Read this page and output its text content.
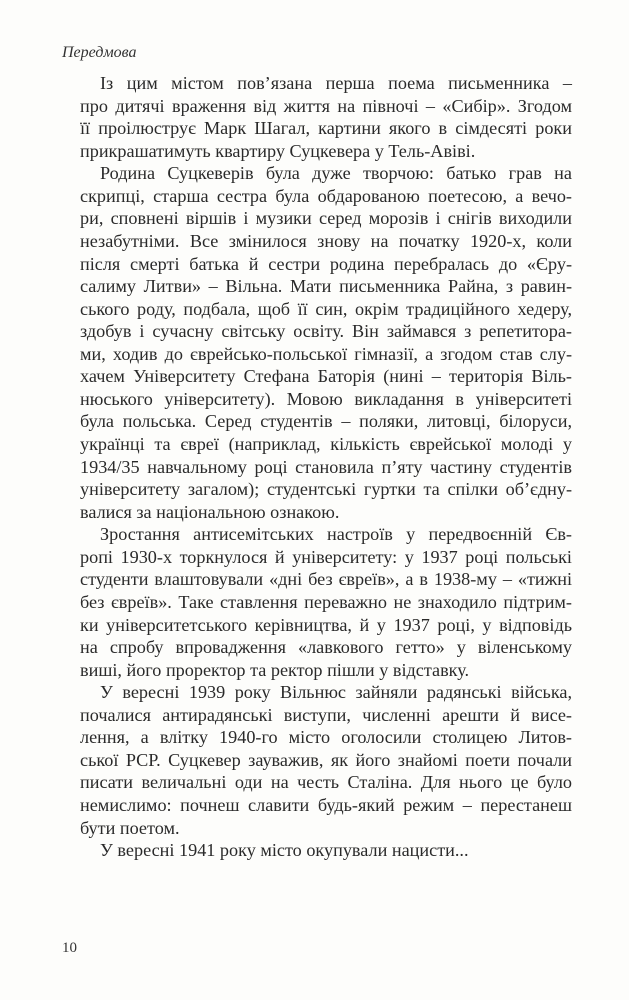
Передмова
Із цим містом пов’язана перша поема письменника –
про дитячі враження від життя на півночі – «Сибір». Згодом
її проілюструє Марк Шагал, картини якого в сімдесяті роки
прикрашатимуть квартиру Суцкевера у Тель-Авіві.
Родина Суцкеверів була дуже творчою: батько грав на
скрипці, старша сестра була обдарованою поетесою, а вечо-
ри, сповнені віршів і музики серед морозів і снігів виходили
незабутніми. Все змінилося знову на початку 1920-х, коли
після смерті батька й сестри родина перебралась до «Єру-
салиму Литви» – Вільна. Мати письменника Райна, з равин-
ського роду, подбала, щоб її син, окрім традиційного хедеру,
здобув і сучасну світську освіту. Він займався з репетитора-
ми, ходив до єврейсько-польської гімназії, а згодом став слу-
хачем Університету Стефана Баторія (нині – територія Віль-
нюського університету). Мовою викладання в університеті
була польська. Серед студентів – поляки, литовці, білоруси,
українці та євреї (наприклад, кількість єврейської молоді у
1934/35 навчальному році становила п’яту частину студентів
університету загалом); студентські гуртки та спілки об’єдну-
валися за національною ознакою.
Зростання антисемітських настроїв у передвоєнній Єв-
ропі 1930-х торкнулося й університету: у 1937 році польські
студенти влаштовували «дні без євреїв», а в 1938-му – «тижні
без євреїв». Таке ставлення переважно не знаходило підтрим-
ки університетського керівництва, й у 1937 році, у відповідь
на спробу впровадження «лавкового гетто» у віленському
виші, його проректор та ректор пішли у відставку.
У вересні 1939 року Вільнюс зайняли радянські війська,
почалися антирадянські виступи, численні арешти й висе-
лення, а влітку 1940-го місто оголосили столицею Литов-
ської РСР. Суцкевер зауважив, як його знайомі поети почали
писати величальні оди на честь Сталіна. Для нього це було
немислимо: почнеш славити будь-який режим – перестанеш
бути поетом.
У вересні 1941 року місто окупували нацисти...
10
